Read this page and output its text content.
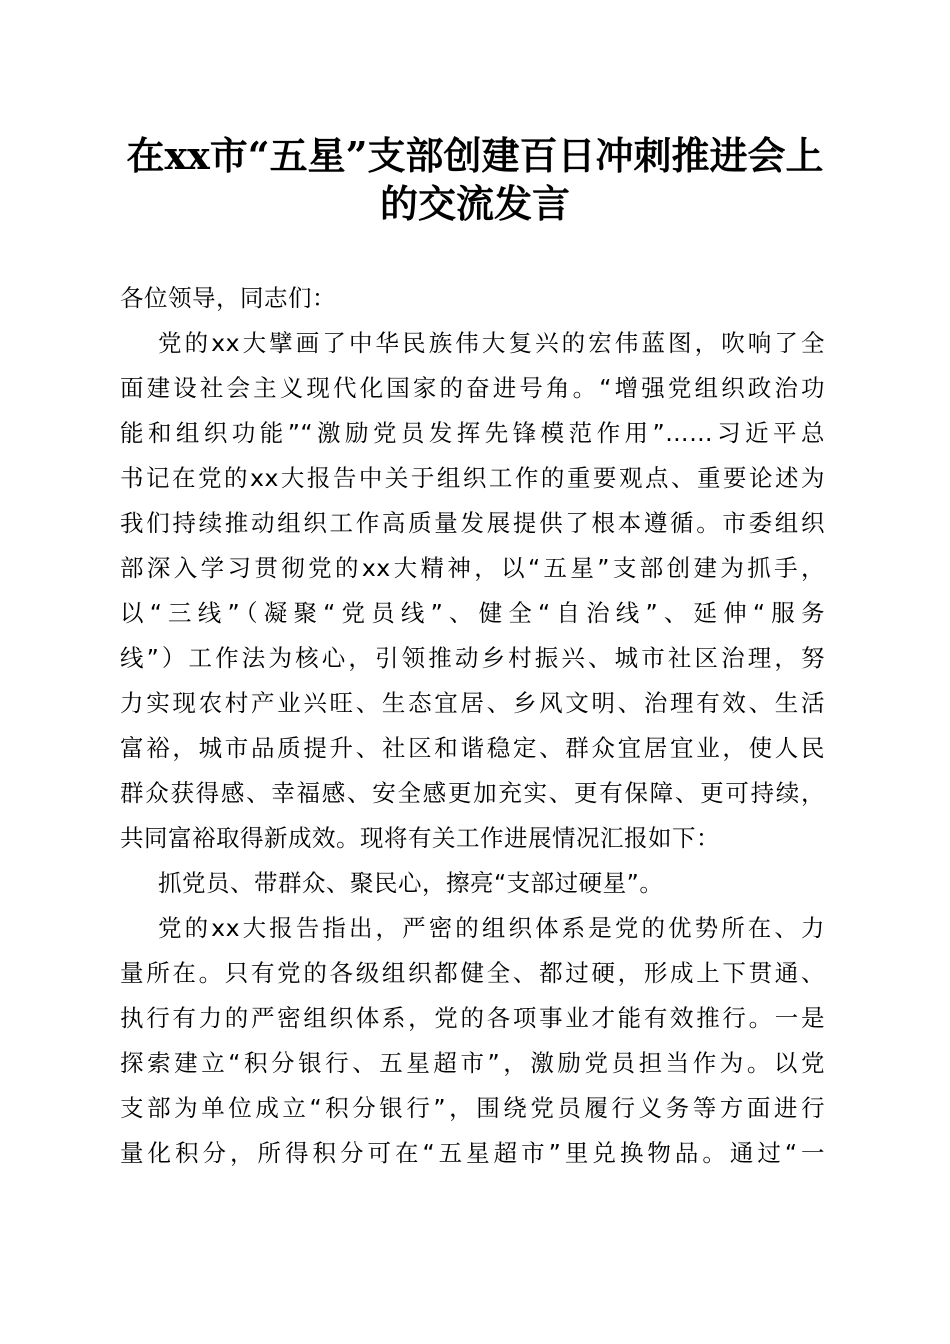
在xx市“五星”支部创建百日冲刺推进会上
的交流发言
各位领导，同志们：
党的xx大擘画了中华民族伟大复兴的宏伟蓝图，吹响了全
面建设社会主义现代化国家的奋进号角。“增强党组织政治功
能和组织功能”“激励党员发挥先锋模范作用”……习近平总
书记在党的xx大报告中关于组织工作的重要观点、重要论述为
我们持续推动组织工作高质量发展提供了根本遵循。市委组织
部深入学习贯彻党的xx大精神，以“五星”支部创建为抓手，
以“三线”（凝聚“党员线”、健全“自治线”、延伸“服务
线”）工作法为核心，引领推动乡村振兴、城市社区治理，努
力实现农村产业兴旺、生态宜居、乡风文明、治理有效、生活
富裕，城市品质提升、社区和谐稳定、群众宜居宜业，使人民
群众获得感、幸福感、安全感更加充实、更有保障、更可持续，
共同富裕取得新成效。现将有关工作进展情况汇报如下：
抓党员、带群众、聚民心，擦亮“支部过硬星”。
党的xx大报告指出，严密的组织体系是党的优势所在、力
量所在。只有党的各级组织都健全、都过硬，形成上下贯通、
执行有力的严密组织体系，党的各项事业才能有效推行。一是
探索建立“积分银行、五星超市”，激励党员担当作为。以党
支部为单位成立“积分银行”，围绕党员履行义务等方面进行
量化积分，所得积分可在“五星超市”里兑换物品。通过“一
